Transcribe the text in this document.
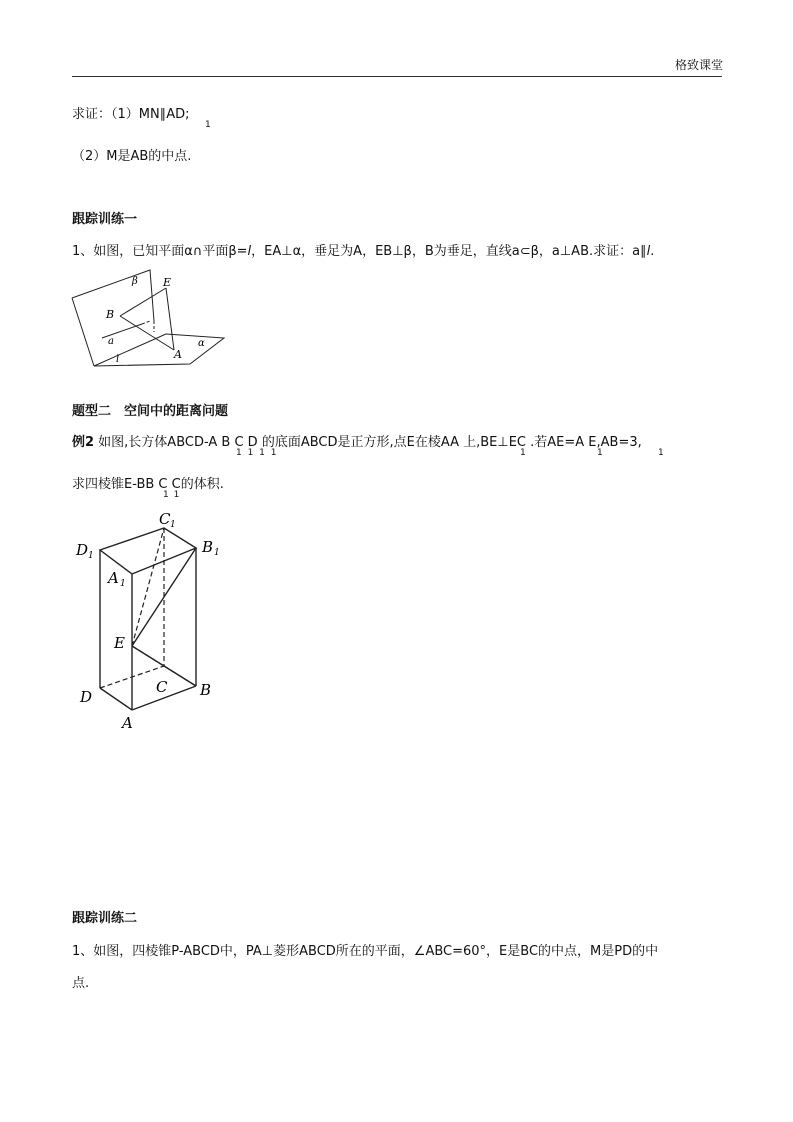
格致课堂
求证：（1）MN∥AD;
1
（2）M是AB的中点.
跟踪训练一
1、如图，已知平面α∩平面β=l，EA⊥α，垂足为A，EB⊥β，B为垂足，直线a⊂β，a⊥AB.求证：a∥l.
β E
B
a
l	A
α
题型二　空间中的距离问题
例2 如图,长方体ABCD-A B C D 的底面ABCD是正方形,点E在棱AA 上,BE⊥EC .若AE=A E,AB=3,
1 1 1 1	1	1	1
求四棱锥E-BB C C的体积.
1 1
C 1
D 1	B 1
A 1
E
C B
D
A
跟踪训练二
1、如图，四棱锥P-ABCD中，PA⊥菱形ABCD所在的平面，∠ABC=60°，E是BC的中点，M是PD的中
点.
